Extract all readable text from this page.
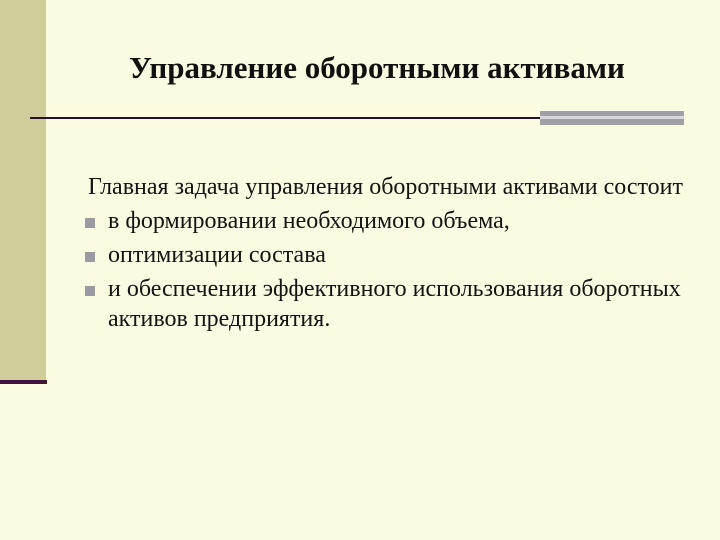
Управление оборотными активами

Главная задача управления оборотными активами состоит

в формировании необходимого объема,
оптимизации состава
и обеспечении эффективного использования оборотных активов предприятия.
